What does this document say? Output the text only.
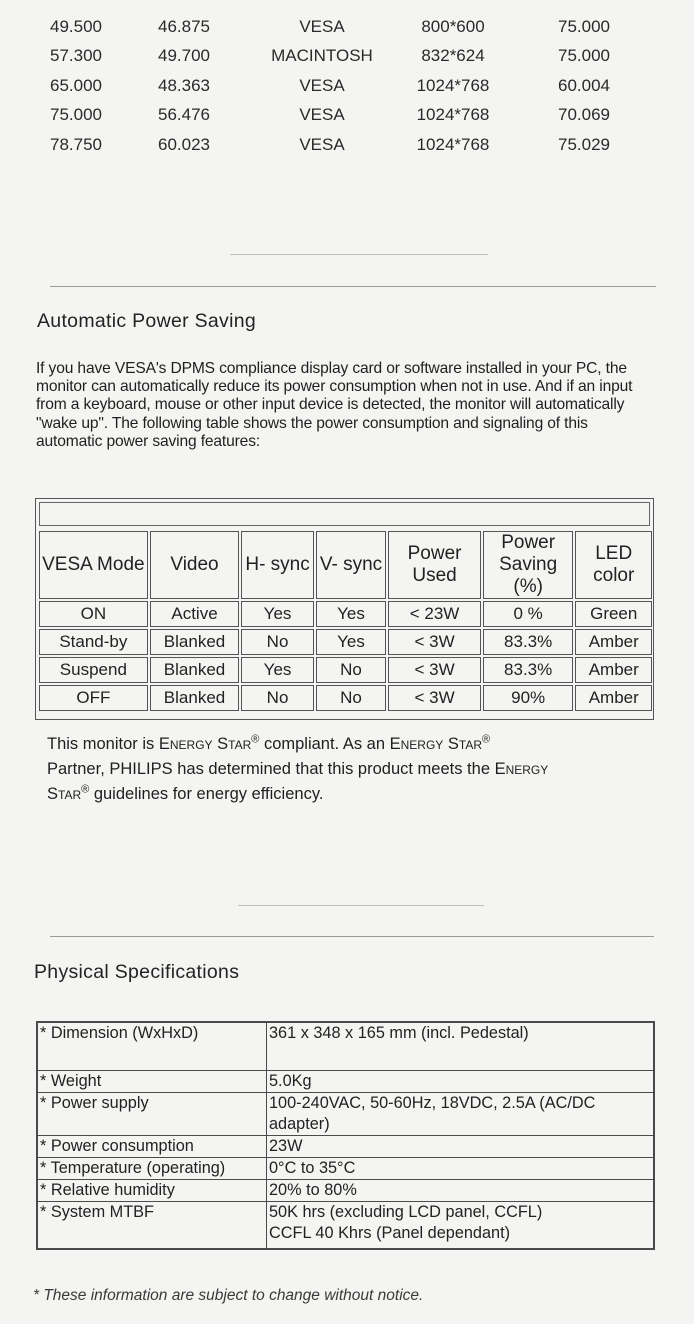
49.500	46.875	VESA	800*600	75.000
57.300	49.700	MACINTOSH	832*624	75.000
65.000	48.363	VESA	1024*768	60.004
75.000	56.476	VESA	1024*768	70.069
78.750	60.023	VESA	1024*768	75.029
Automatic Power Saving

If you have VESA's DPMS compliance display card or software installed in your PC, the monitor can automatically reduce its power consumption when not in use. And if an input from a keyboard, mouse or other input device is detected, the monitor will automatically "wake up". The following table shows the power consumption and signaling of this automatic power saving features:

VESA Mode	Video	H- sync	V- sync	Power Used	Power Saving (%)	LED color
ON	Active	Yes	Yes	< 23W	0 %	Green
Stand-by	Blanked	No	Yes	< 3W	83.3%	Amber
Suspend	Blanked	Yes	No	< 3W	83.3%	Amber
OFF	Blanked	No	No	< 3W	90%	Amber

This monitor is Energy Star® compliant. As an Energy Star®
Partner, PHILIPS has determined that this product meets the Energy
Star® guidelines for energy efficiency.

Physical Specifications
* Dimension (WxHxD)	361 x 348 x 165 mm (incl. Pedestal)
* Weight	5.0Kg
* Power supply	100-240VAC, 50-60Hz, 18VDC, 2.5A (AC/DC adapter)
* Power consumption	23W
* Temperature (operating)	0°C to 35°C
* Relative humidity	20% to 80%
* System MTBF	50K hrs (excluding LCD panel, CCFL)
CCFL 40 Khrs (Panel dependant)

* These information are subject to change without notice.
